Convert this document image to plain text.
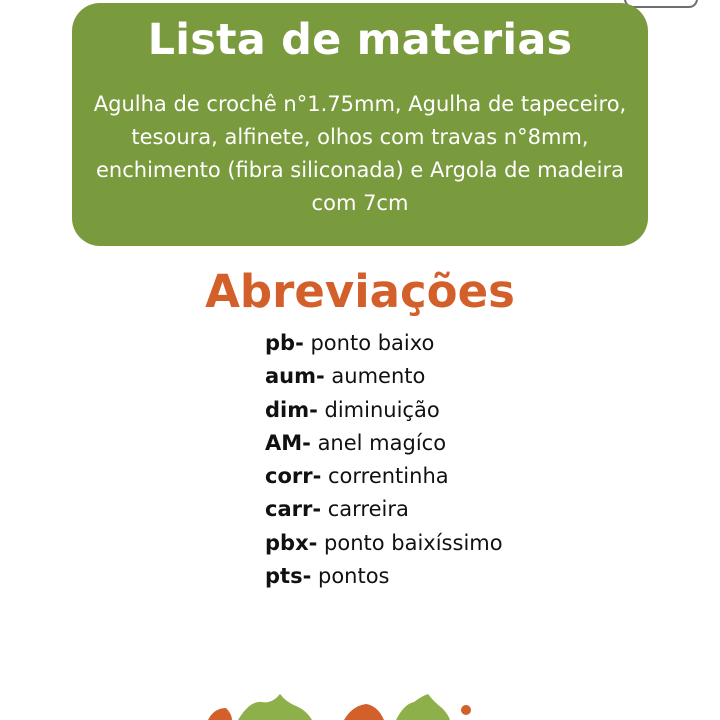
Lista de materias

Agulha de crochê n°1.75mm, Agulha de tapeceiro, tesoura, alfinete, olhos com travas n°8mm, enchimento (fibra siliconada) e Argola de madeira com 7cm

Abreviações
pb- ponto baixo
aum- aumento
dim- diminuição
AM- anel magíco
corr- correntinha
carr- carreira
pbx- ponto baixíssimo
pts- pontos
